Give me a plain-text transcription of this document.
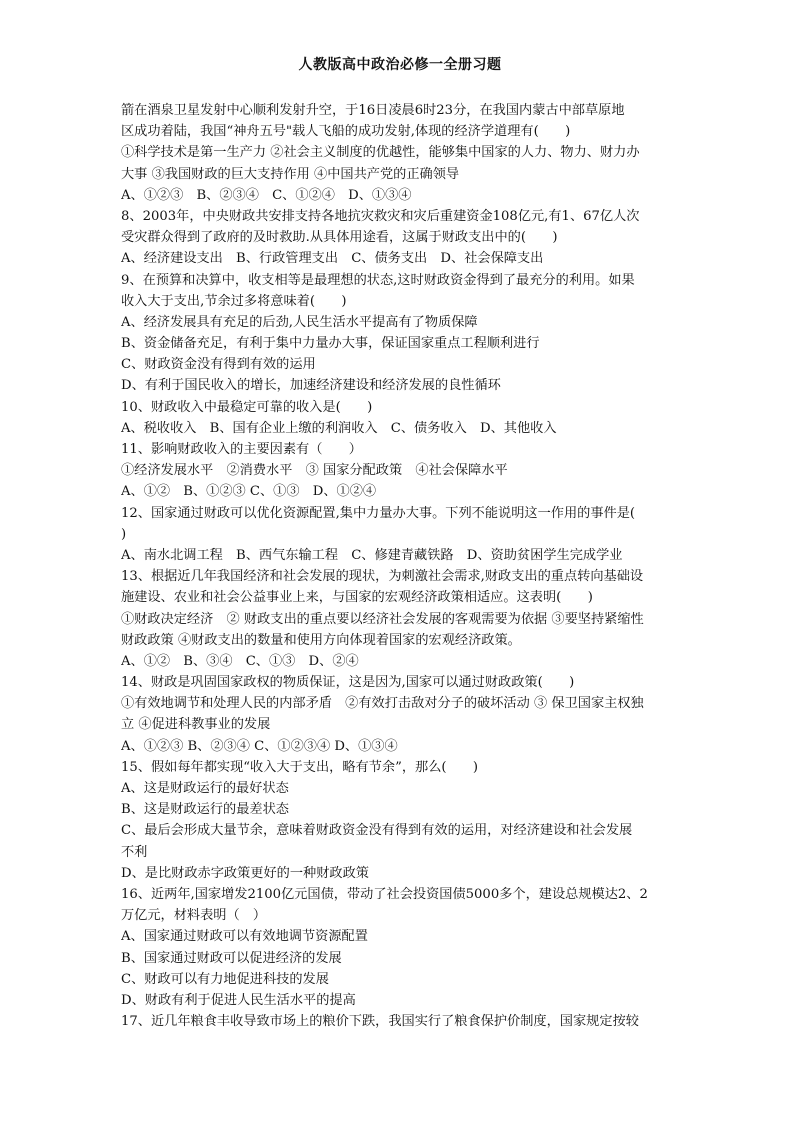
人教版高中政治必修一全册习题
箭在酒泉卫星发射中心顺利发射升空，于16日凌晨6时23分，在我国内蒙古中部草原地
区成功着陆，我国“神舟五号"载人飞船的成功发射,体现的经济学道理有(　　)
①科学技术是第一生产力 ②社会主义制度的优越性，能够集中国家的人力、物力、财力办
大事 ③我国财政的巨大支持作用 ④中国共产党的正确领导
A、①②③　B、②③④　C、①②④　D、①③④
8、2003年，中央财政共安排支持各地抗灾救灾和灾后重建资金108亿元,有1、67亿人次
受灾群众得到了政府的及时救助.从具体用途看，这属于财政支出中的(　　)
A、经济建设支出　B、行政管理支出　C、债务支出　D、社会保障支出
9、在预算和决算中，收支相等是最理想的状态,这时财政资金得到了最充分的利用。如果
收入大于支出,节余过多将意味着(　　)
A、经济发展具有充足的后劲,人民生活水平提高有了物质保障
B、资金储备充足，有利于集中力量办大事，保证国家重点工程顺利进行
C、财政资金没有得到有效的运用
D、有利于国民收入的增长，加速经济建设和经济发展的良性循环
10、财政收入中最稳定可靠的收入是(　　)
A、税收收入　B、国有企业上缴的利润收入　C、债务收入　D、其他收入
11、影响财政收入的主要因素有（　　）
①经济发展水平　②消费水平　③ 国家分配政策　④社会保障水平
A、①②　B、①②③ C、①③　D、①②④
12、国家通过财政可以优化资源配置,集中力量办大事。下列不能说明这一作用的事件是(
)
A、南水北调工程　B、西气东输工程　C、修建青藏铁路　D、资助贫困学生完成学业
13、根据近几年我国经济和社会发展的现状，为刺激社会需求,财政支出的重点转向基础设
施建设、农业和社会公益事业上来，与国家的宏观经济政策相适应。这表明(　　)
①财政决定经济　② 财政支出的重点要以经济社会发展的客观需要为依据 ③要坚持紧缩性
财政政策 ④财政支出的数量和使用方向体现着国家的宏观经济政策。
A、①②　B、③④　C、①③　D、②④
14、财政是巩固国家政权的物质保证，这是因为,国家可以通过财政政策(　　)
①有效地调节和处理人民的内部矛盾　②有效打击敌对分子的破坏活动 ③ 保卫国家主权独
立 ④促进科教事业的发展
A、①②③ B、②③④ C、①②③④ D、①③④
15、假如每年都实现“收入大于支出，略有节余”，那么(　　)
A、这是财政运行的最好状态
B、这是财政运行的最差状态
C、最后会形成大量节余，意味着财政资金没有得到有效的运用，对经济建设和社会发展
不利
D、是比财政赤字政策更好的一种财政政策
16、近两年,国家增发2100亿元国债，带动了社会投资国债5000多个，建设总规模达2、2
万亿元，材料表明（　）
A、国家通过财政可以有效地调节资源配置
B、国家通过财政可以促进经济的发展
C、财政可以有力地促进科技的发展
D、财政有利于促进人民生活水平的提高
17、近几年粮食丰收导致市场上的粮价下跌，我国实行了粮食保护价制度，国家规定按较
